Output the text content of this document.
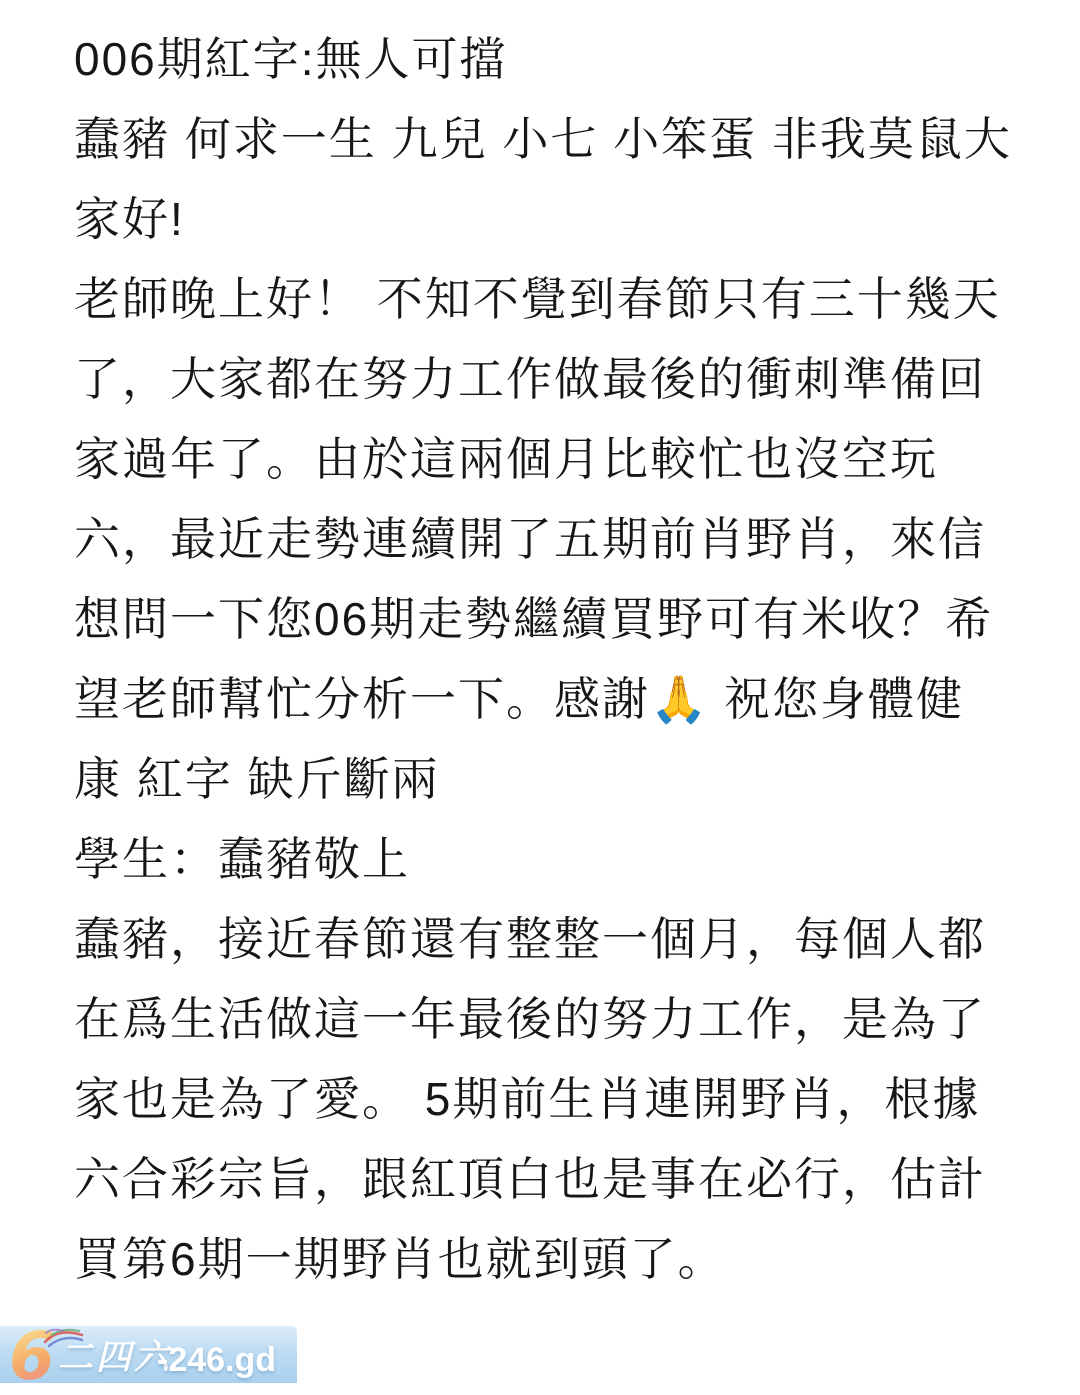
006期紅字:無人可擋

蠢豬 何求一生 九兒 小七 小笨蛋 非我莫鼠大

家好!

老師晚上好！ 不知不覺到春節只有三十幾天

了，大家都在努力工作做最後的衝刺準備回

家過年了。由於這兩個月比較忙也沒空玩

六，最近走勢連續開了五期前肖野肖，來信

想問一下您06期走勢繼續買野可有米收？希

望老師幫忙分析一下。感謝🙏 祝您身體健

康 紅字 缺斤斷兩

學生：蠢豬敬上

蠢豬，接近春節還有整整一個月，每個人都

在爲生活做這一年最後的努力工作，是為了

家也是為了愛。 5期前生肖連開野肖，根據

六合彩宗旨，跟紅頂白也是事在必行，估計

買第6期一期野肖也就到頭了。

6 二四六
-246.gd
